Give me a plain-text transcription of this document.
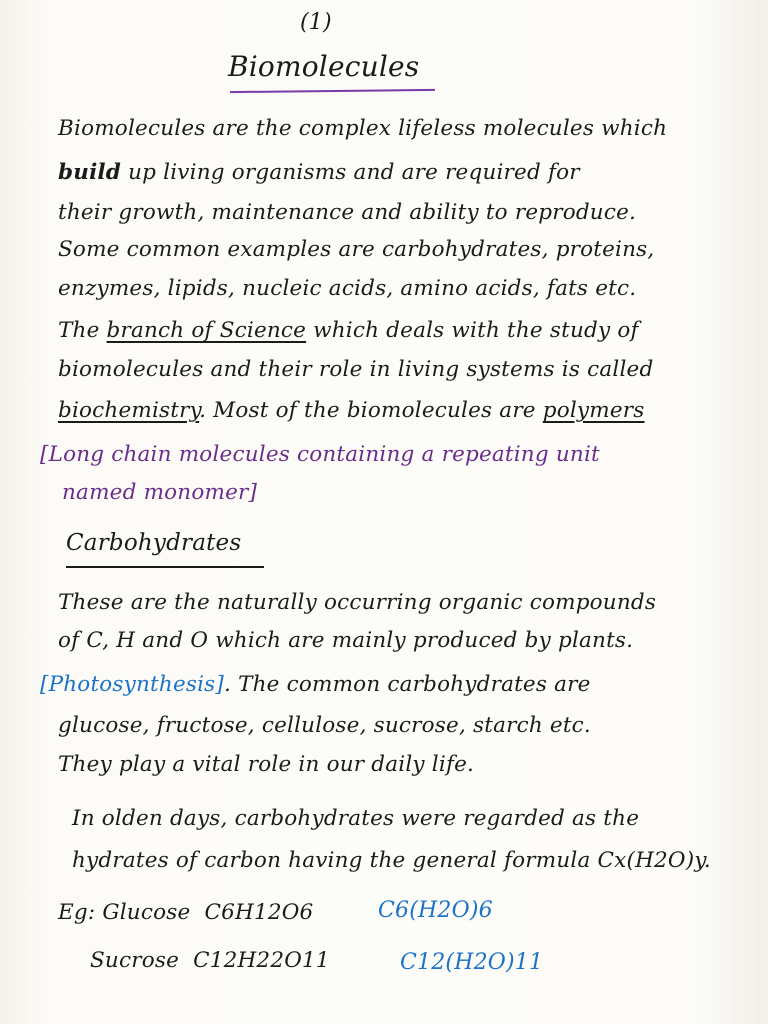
(1)
Biomolecules
Biomolecules are the complex lifeless molecules which
build up living organisms and are required for
their growth, maintenance and ability to reproduce.
Some common examples are carbohydrates, proteins,
enzymes, lipids, nucleic acids, amino acids, fats etc.
The branch of Science which deals with the study of
biomolecules and their role in living systems is called
biochemistry. Most of the biomolecules are polymers
[Long chain molecules containing a repeating unit
named monomer]
Carbohydrates
These are the naturally occurring organic compounds
of C, H and O which are mainly produced by plants.
[Photosynthesis]. The common carbohydrates are
glucose, fructose, cellulose, sucrose, starch etc.
They play a vital role in our daily life.
In olden days, carbohydrates were regarded as the
hydrates of carbon having the general formula Cx(H2O)y.
Eg: Glucose C6H12O6	C6(H2O)6
Sucrose C12H22O11	C12(H2O)11
